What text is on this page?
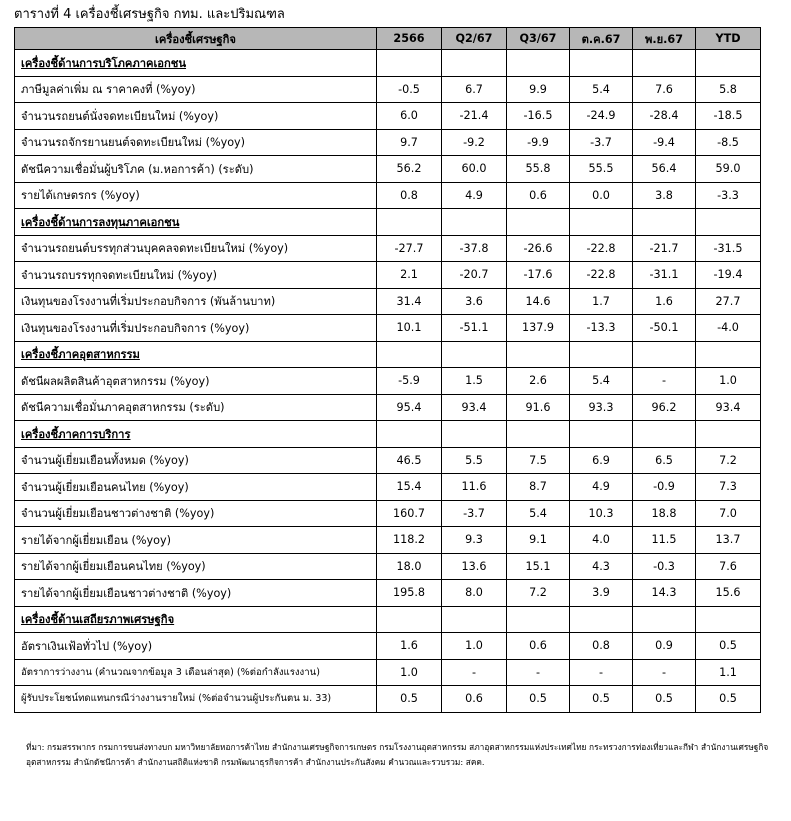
ตารางที่ 4 เครื่องชี้เศรษฐกิจ กทม. และปริมณฑล
เครื่องชี้เศรษฐกิจ	2566	Q2/67	Q3/67	ต.ค.67	พ.ย.67	YTD
เครื่องชี้ด้านการบริโภคภาคเอกชน						
ภาษีมูลค่าเพิ่ม ณ ราคาคงที่ (%yoy)	-0.5	6.7	9.9	5.4	7.6	5.8
จำนวนรถยนต์นั่งจดทะเบียนใหม่ (%yoy)	6.0	-21.4	-16.5	-24.9	-28.4	-18.5
จำนวนรถจักรยานยนต์จดทะเบียนใหม่ (%yoy)	9.7	-9.2	-9.9	-3.7	-9.4	-8.5
ดัชนีความเชื่อมั่นผู้บริโภค (ม.หอการค้า) (ระดับ)	56.2	60.0	55.8	55.5	56.4	59.0
รายได้เกษตรกร (%yoy)	0.8	4.9	0.6	0.0	3.8	-3.3
เครื่องชี้ด้านการลงทุนภาคเอกชน						
จำนวนรถยนต์บรรทุกส่วนบุคคลจดทะเบียนใหม่ (%yoy)	-27.7	-37.8	-26.6	-22.8	-21.7	-31.5
จำนวนรถบรรทุกจดทะเบียนใหม่ (%yoy)	2.1	-20.7	-17.6	-22.8	-31.1	-19.4
เงินทุนของโรงงานที่เริ่มประกอบกิจการ (พันล้านบาท)	31.4	3.6	14.6	1.7	1.6	27.7
เงินทุนของโรงงานที่เริ่มประกอบกิจการ (%yoy)	10.1	-51.1	137.9	-13.3	-50.1	-4.0
เครื่องชี้ภาคอุตสาหกรรม						
ดัชนีผลผลิตสินค้าอุตสาหกรรม (%yoy)	-5.9	1.5	2.6	5.4	-	1.0
ดัชนีความเชื่อมั่นภาคอุตสาหกรรม (ระดับ)	95.4	93.4	91.6	93.3	96.2	93.4
เครื่องชี้ภาคการบริการ						
จำนวนผู้เยี่ยมเยือนทั้งหมด (%yoy)	46.5	5.5	7.5	6.9	6.5	7.2
จำนวนผู้เยี่ยมเยือนคนไทย (%yoy)	15.4	11.6	8.7	4.9	-0.9	7.3
จำนวนผู้เยี่ยมเยือนชาวต่างชาติ (%yoy)	160.7	-3.7	5.4	10.3	18.8	7.0
รายได้จากผู้เยี่ยมเยือน (%yoy)	118.2	9.3	9.1	4.0	11.5	13.7
รายได้จากผู้เยี่ยมเยือนคนไทย (%yoy)	18.0	13.6	15.1	4.3	-0.3	7.6
รายได้จากผู้เยี่ยมเยือนชาวต่างชาติ (%yoy)	195.8	8.0	7.2	3.9	14.3	15.6
เครื่องชี้ด้านเสถียรภาพเศรษฐกิจ						
อัตราเงินเฟ้อทั่วไป (%yoy)	1.6	1.0	0.6	0.8	0.9	0.5
อัตราการว่างงาน (คำนวณจากข้อมูล 3 เดือนล่าสุด) (%ต่อกำลังแรงงาน)	1.0	-	-	-	-	1.1
ผู้รับประโยชน์ทดแทนกรณีว่างงานรายใหม่ (%ต่อจำนวนผู้ประกันตน ม. 33)	0.5	0.6	0.5	0.5	0.5	0.5
ที่มา: กรมสรรพากร กรมการขนส่งทางบก มหาวิทยาลัยหอการค้าไทย สำนักงานเศรษฐกิจการเกษตร กรมโรงงานอุตสาหกรรม สภาอุตสาหกรรมแห่งประเทศไทย กระทรวงการท่องเที่ยวและกีฬา สำนักงานเศรษฐกิจอุตสาหกรรม สำนักดัชนีการค้า สำนักงานสถิติแห่งชาติ กรมพัฒนาธุรกิจการค้า สำนักงานประกันสังคม คำนวณและรวบรวม: สคค.
